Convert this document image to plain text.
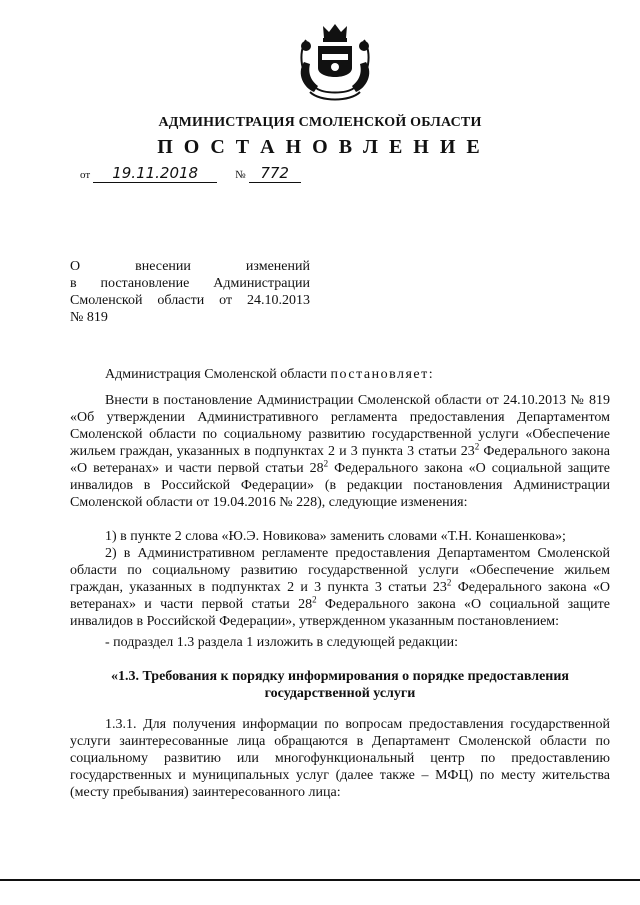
АДМИНИСТРАЦИЯ СМОЛЕНСКОЙ ОБЛАСТИ
П О С Т А Н О В Л Е Н И Е
от 19.11.2018	№ 772
О внесении изменений
в постановление Администрации
Смоленской области от 24.10.2013
№ 819
Администрация Смоленской области постановляет:
Внести в постановление Администрации Смоленской области от 24.10.2013 № 819 «Об утверждении Административного регламента предоставления Департаментом Смоленской области по социальному развитию государственной услуги «Обеспечение жильем граждан, указанных в подпунктах 2 и 3 пункта 3 статьи $23^2$ Федерального закона «О ветеранах» и части первой статьи $28^2$ Федерального закона «О социальной защите инвалидов в Российской Федерации» (в редакции постановления Администрации Смоленской области от 19.04.2016 № 228), следующие изменения:
1) в пункте 2 слова «Ю.Э. Новикова» заменить словами «Т.Н. Конашенкова»;
2) в Административном регламенте предоставления Департаментом Смоленской области по социальному развитию государственной услуги «Обеспечение жильем граждан, указанных в подпунктах 2 и 3 пункта 3 статьи $23^2$ Федерального закона «О ветеранах» и части первой статьи $28^2$ Федерального закона «О социальной защите инвалидов в Российской Федерации», утвержденном указанным постановлением:
- подраздел 1.3 раздела 1 изложить в следующей редакции:
«1.3. Требования к порядку информирования о порядке предоставления
государственной услуги
1.3.1. Для получения информации по вопросам предоставления государственной услуги заинтересованные лица обращаются в Департамент Смоленской области по социальному развитию или многофункциональный центр по предоставлению государственных и муниципальных услуг (далее также – МФЦ) по месту жительства (месту пребывания) заинтересованного лица:
